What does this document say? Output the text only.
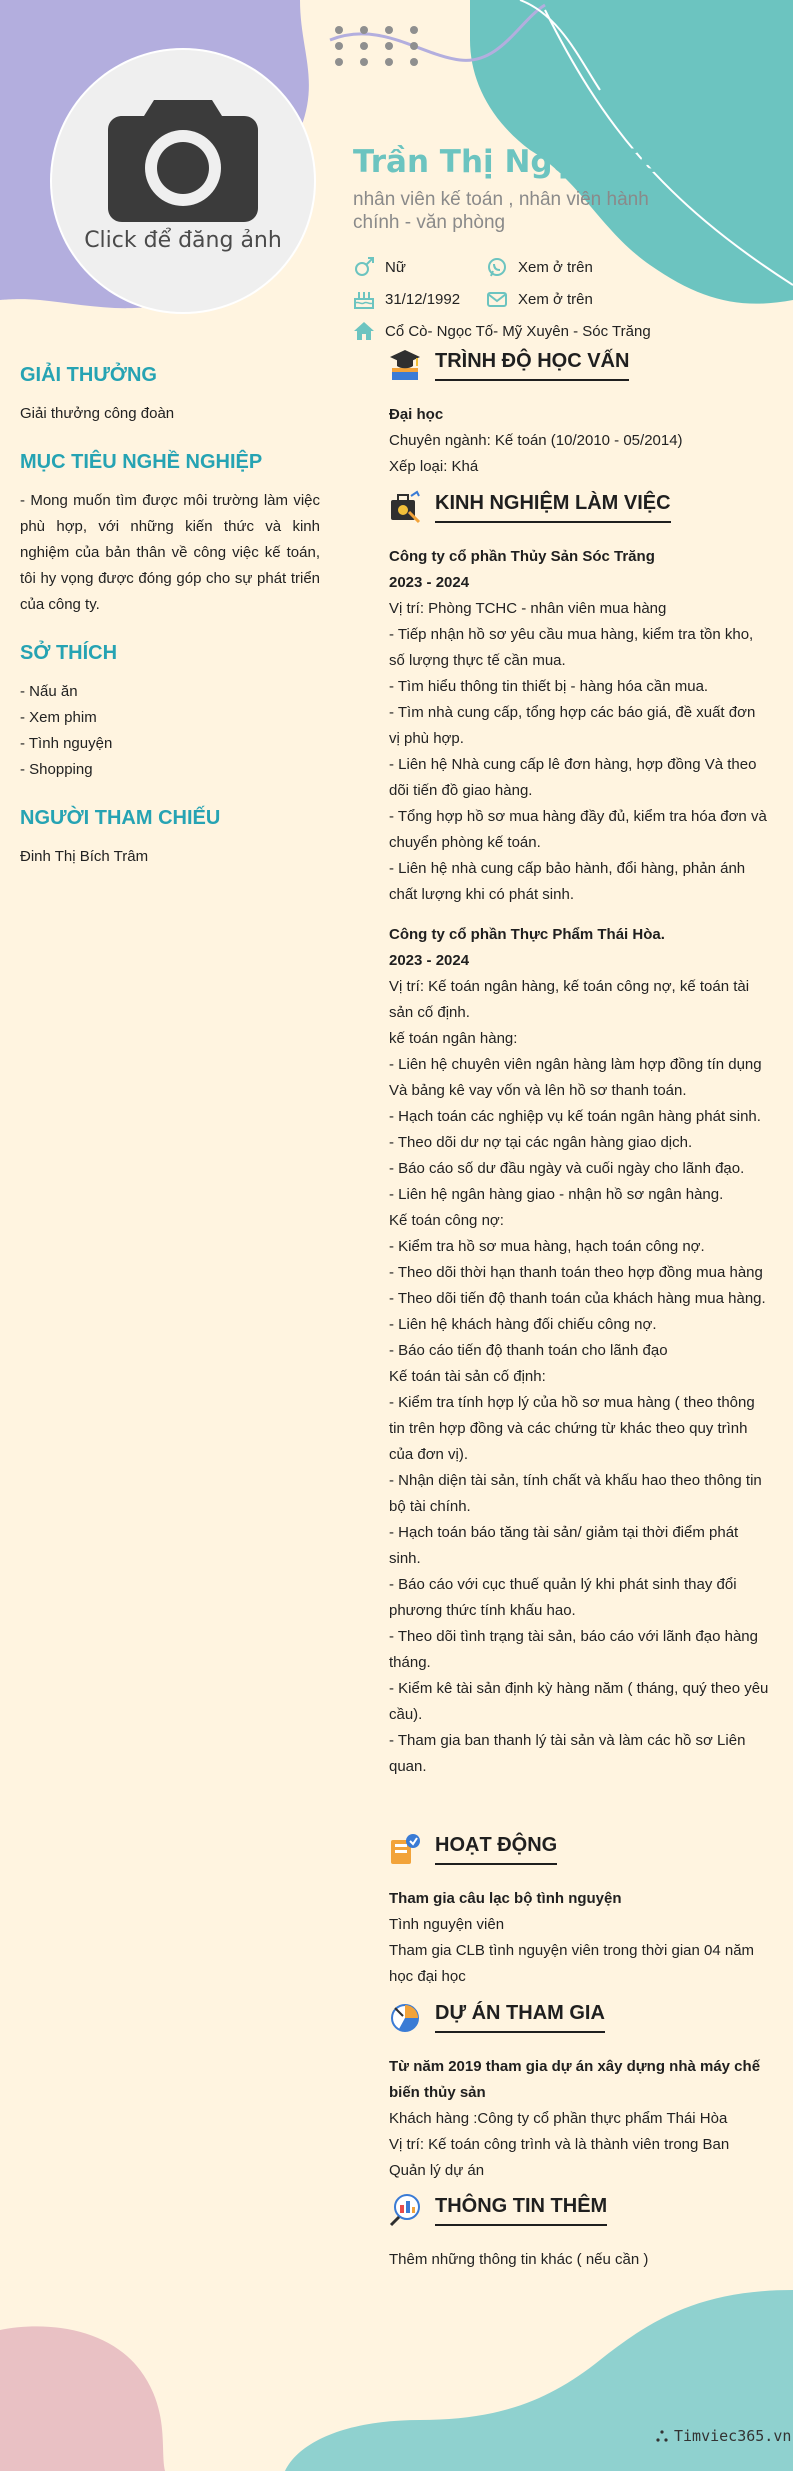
Click để đăng ảnh
Trần Thị Ngọc Diệu
nhân viên kế toán , nhân viên hành chính - văn phòng
Nữ	Xem ở trên
31/12/1992	Xem ở trên
Cổ Cò- Ngọc Tố- Mỹ Xuyên - Sóc Trăng
GIẢI THƯỞNG
Giải thưởng công đoàn
MỤC TIÊU NGHỀ NGHIỆP
- Mong muốn tìm được môi trường làm việc phù hợp, với những kiến thức và kinh nghiệm của bản thân về công việc kế toán, tôi hy vọng được đóng góp cho sự phát triển của công ty.
SỞ THÍCH
- Nấu ăn
- Xem phim
- Tình nguyện
- Shopping
NGƯỜI THAM CHIẾU
Đinh Thị Bích Trâm
TRÌNH ĐỘ HỌC VẤN
Đại học
Chuyên ngành: Kế toán (10/2010 - 05/2014)
Xếp loại: Khá
KINH NGHIỆM LÀM VIỆC
Công ty cổ phần Thủy Sản Sóc Trăng
2023 - 2024
Vị trí: Phòng TCHC - nhân viên mua hàng
- Tiếp nhận hồ sơ yêu cầu mua hàng, kiểm tra tồn kho, số lượng thực tế cần mua.
- Tìm hiểu thông tin thiết bị - hàng hóa cần mua.
- Tìm nhà cung cấp, tổng hợp các báo giá, đề xuất đơn vị phù hợp.
- Liên hệ Nhà cung cấp lê đơn hàng, hợp đồng Và theo dõi tiến đồ giao hàng.
- Tổng hợp hồ sơ mua hàng đầy đủ, kiểm tra hóa đơn và chuyển phòng kế toán.
- Liên hệ nhà cung cấp bảo hành, đổi hàng, phản ánh chất lượng khi có phát sinh.
Công ty cổ phần Thực Phẩm Thái Hòa.
2023 - 2024
Vị trí: Kế toán ngân hàng, kế toán công nợ, kế toán tài sản cố định.
kế toán ngân hàng:
- Liên hệ chuyên viên ngân hàng làm hợp đồng tín dụng Và bảng kê vay vốn và lên hồ sơ thanh toán.
- Hạch toán các nghiệp vụ kế toán ngân hàng phát sinh.
- Theo dõi dư nợ tại các ngân hàng giao dịch.
- Báo cáo số dư đầu ngày và cuối ngày cho lãnh đạo.
- Liên hệ ngân hàng giao - nhận hồ sơ ngân hàng.
Kế toán công nợ:
- Kiểm tra hồ sơ mua hàng, hạch toán công nợ.
- Theo dõi thời hạn thanh toán theo hợp đồng mua hàng
- Theo dõi tiến độ thanh toán của khách hàng mua hàng.
- Liên hệ khách hàng đối chiếu công nợ.
- Báo cáo tiến độ thanh toán cho lãnh đạo
Kế toán tài sản cố định:
- Kiểm tra tính hợp lý của hồ sơ mua hàng ( theo thông tin trên hợp đồng và các chứng từ khác theo quy trình của đơn vị).
- Nhận diện tài sản, tính chất và khấu hao theo thông tin bộ tài chính.
- Hạch toán báo tăng tài sản/ giảm tại thời điểm phát sinh.
- Báo cáo với cục thuế quản lý khi phát sinh thay đổi phương thức tính khấu hao.
- Theo dõi tình trạng tài sản, báo cáo với lãnh đạo hàng tháng.
- Kiểm kê tài sản định kỳ hàng năm ( tháng, quý theo yêu cầu).
- Tham gia ban thanh lý tài sản và làm các hồ sơ Liên quan.
HOẠT ĐỘNG
Tham gia câu lạc bộ tình nguyện
Tình nguyện viên
Tham gia CLB tình nguyện viên trong thời gian 04 năm học đại học
DỰ ÁN THAM GIA
Từ năm 2019 tham gia dự án xây dựng nhà máy chế biến thủy sản
Khách hàng :Công ty cổ phần thực phẩm Thái Hòa
Vị trí: Kế toán công trình và là thành viên trong Ban Quản lý dự án
THÔNG TIN THÊM
Thêm những thông tin khác ( nếu cần )
Timviec365.vn
